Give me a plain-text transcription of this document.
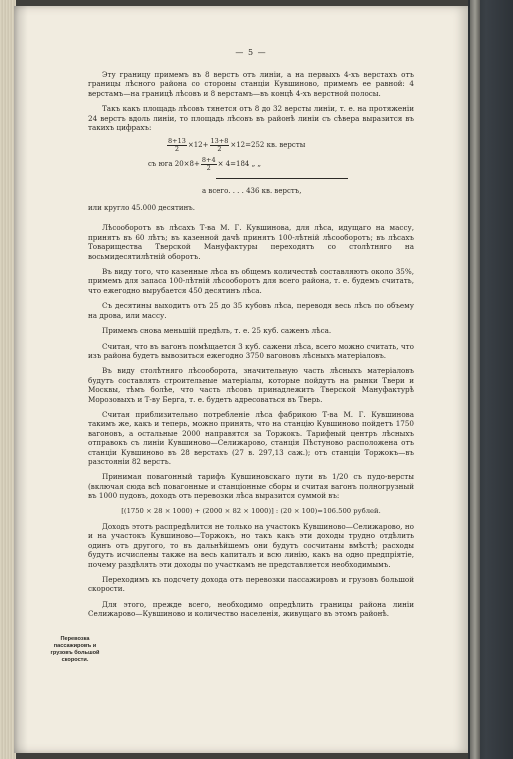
— 5 —

Эту границу примемъ въ 8 верстъ отъ линіи, а на первыхъ 4-хъ верстахъ отъ границы лѣсного района со стороны станціи Кувшиново, примемъ ее равной: 4 верстамъ—на границѣ лѣсовъ и 8 верстамъ—въ концѣ 4-хъ верстной полосы.

Такъ какъ площадь лѣсовъ тянется отъ 8 до 32 версты линіи, т. е. на протяженіи 24 верстъ вдоль линіи, то площадь лѣсовъ въ районѣ линіи съ сѣвера выразится въ такихъ цифрахъ:

$\frac{8+13}{2} \times 12+ \frac{13+8}{2} \times 12=252$ кв. версты
съ юга $20\times 8+ \frac{8+4}{2} \times 4=184$ „ „
а всего. . . . 436 кв. верстъ,

или кругло 45.000 десятинъ.

Лѣсооборотъ въ лѣсахъ Т-ва М. Г. Кувшинова, для лѣса, идущаго на массу, принятъ въ 60 лѣтъ; въ казенной дачѣ принятъ 100-лѣтній лѣсооборотъ; въ лѣсахъ Товарищества Тверской Мануфактуры переходятъ со столѣтняго на восьмидесятилѣтній оборотъ.

Въ виду того, что казенные лѣса въ общемъ количествѣ составляютъ около 35%, примемъ для запаса 100-лѣтній лѣсооборотъ для всего района, т. е. будемъ считать, что ежегодно вырубается 450 десятинъ лѣса.

Съ десятины выходитъ отъ 25 до 35 кубовъ лѣса, переводя весь лѣсъ по объему на дрова, или массу.

Примемъ снова меньшій предѣлъ, т. е. 25 куб. саженъ лѣса.

Считая, что въ вагонъ помѣщается 3 куб. сажени лѣса, всего можно считать, что изъ района будетъ вывозиться ежегодно 3750 вагоновъ лѣсныхъ матеріаловъ.

Въ виду столѣтняго лѣсооборота, значительную часть лѣсныхъ матеріаловъ будутъ составлять строительные матеріалы, которые пойдутъ на рынки Твери и Москвы, тѣмъ болѣе, что часть лѣсовъ принадлежитъ Тверской Мануфактурѣ Морозовыхъ и Т-ву Берга, т. е. будетъ адресоваться въ Тверь.

Считая приблизительно потребленіе лѣса фабрикою Т-ва М. Г. Кувшинова такимъ же, какъ и теперь, можно принять, что на станцію Кувшиново пойдетъ 1750 вагоновъ, а остальные 2000 направятся за Торжокъ. Тарифный центръ лѣсныхъ отправокъ съ линіи Кувшиново—Селижарово, станція Пѣстуново расположена отъ станціи Кувшиново въ 28 верстахъ (27 в. 297,13 саж.); отъ станціи Торжокъ—въ разстояніи 82 верстъ.

Принимая повагонный тарифъ Кувшиновскаго пути въ 1/20 съ пудо-версты (включая сюда всѣ повагонные и станціонные сборы и считая вагонъ полногрузный въ 1000 пудовъ, доходъ отъ перевозки лѣса выразится суммой въ:

[(1750 × 28 × 1000) + (2000 × 82 × 1000)] : (20 × 100)=106.500 рублей.

Доходъ этотъ распредѣлится не только на участокъ Кувшиново—Селижарово, но и на участокъ Кувшиново—Торжокъ, но такъ какъ эти доходы трудно отдѣлить одинъ отъ другого, то въ дальнѣйшемъ они будутъ сосчитаны вмѣстѣ; расходы будутъ исчислены также на весь капиталъ и всю линію, какъ на одно предпріятіе, почему раздѣлять эти доходы по участкамъ не представляется необходимымъ.

Переходимъ къ подсчету дохода отъ перевозки пассажировъ и грузовъ большой скорости.

Для этого, прежде всего, необходимо опредѣлить границы района линіи Селижарово—Кувшиново и количество населенія, живущаго въ этомъ районѣ.

Перевозка пассажировъ и грузовъ большой скорости.
